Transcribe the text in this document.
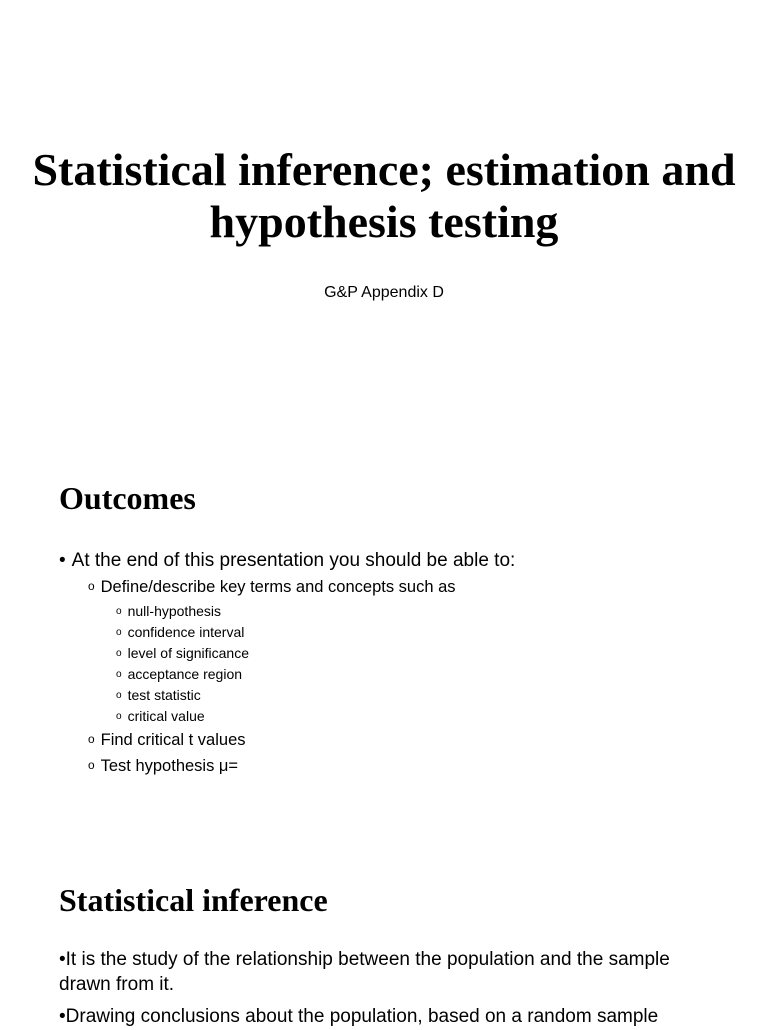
Statistical inference; estimation and hypothesis testing

G&P Appendix D

Outcomes

• At the end of this presentation you should be able to:

o Define/describe key terms and concepts such as

o null-hypothesis

o confidence interval

o level of significance

o acceptance region

o test statistic

o critical value

o Find critical t values

o Test hypothesis μ=

Statistical inference

•It is the study of the relationship between the population and the sample drawn from it.

•Drawing conclusions about the population, based on a random sample
